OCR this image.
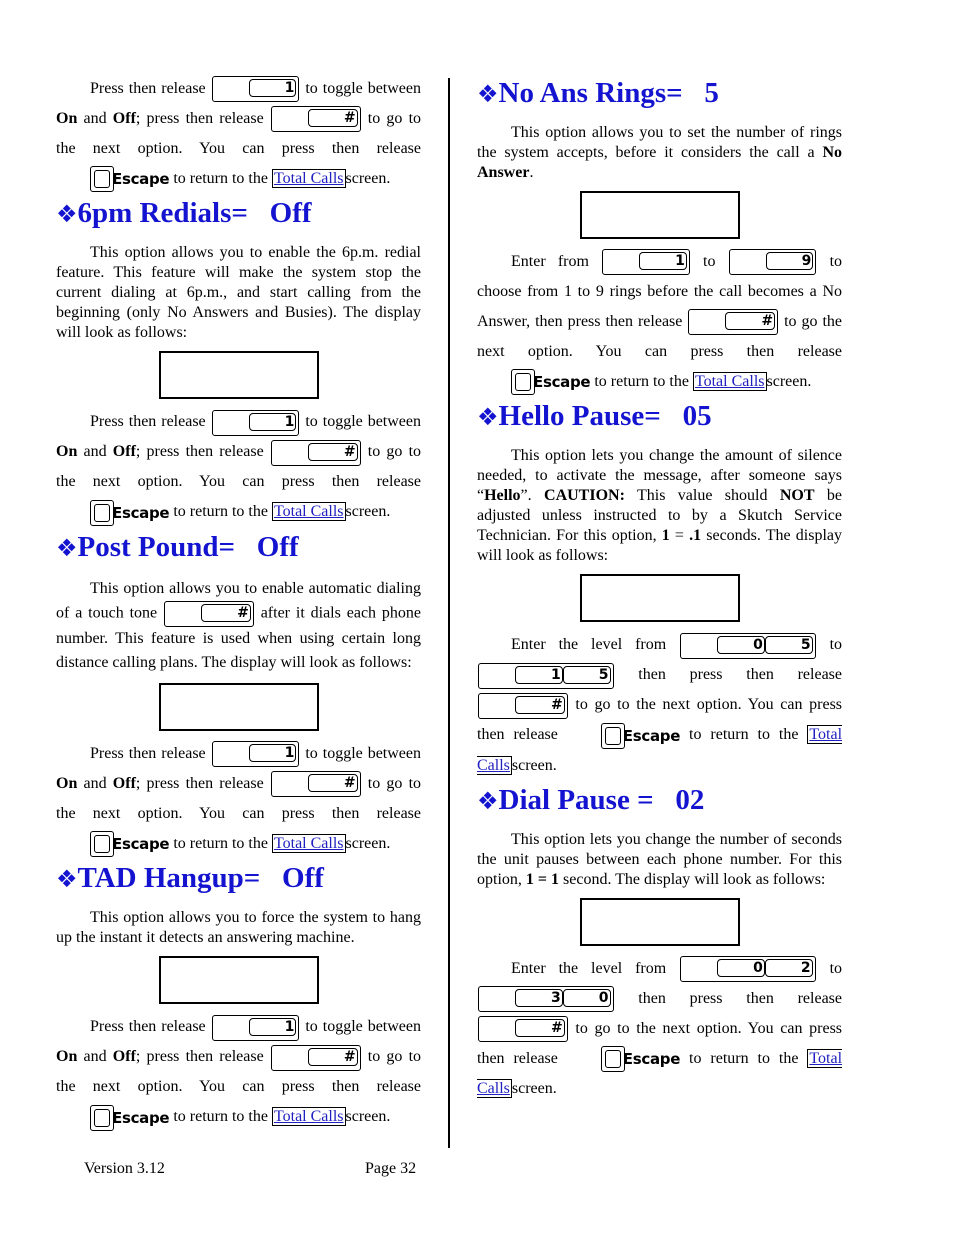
Press then release	1 to toggle between On and Off; press then release	# to go to the next option. You can press then release Escape to return to the Total Calls screen.

❖6pm Redials=   Off

This option allows you to enable the 6p.m. redial feature. This feature will make the system stop the current dialing at 6p.m., and start calling from the beginning (only No Answers and Busies). The display will look as follows:

Press then release	1 to toggle between On and Off; press then release	# to go to the next option. You can press then release Escape to return to the Total Calls screen.

❖Post Pound=   Off

This option allows you to enable automatic dialing of a touch tone	# after it dials each phone number. This feature is used when using certain long distance calling plans. The display will look as follows:

Press then release	1 to toggle between On and Off; press then release	# to go to the next option. You can press then release Escape to return to the Total Calls screen.

❖TAD Hangup=   Off

This option allows you to force the system to hang up the instant it detects an answering machine.

Press then release	1 to toggle between On and Off; press then release	# to go to the next option. You can press then release Escape to return to the Total Calls screen.

❖No Ans Rings=   5

This option allows you to set the number of rings the system accepts, before it considers the call a No Answer.

Enter from	1 to	9 to choose from 1 to 9 rings before the call becomes a No Answer, then press then release	# to go the next option. You can press then release Escape to return to the Total Calls screen.

❖Hello Pause=   05

This option lets you change the amount of silence needed, to activate the message, after someone says “Hello”. CAUTION: This value should NOT be adjusted unless instructed to by a Skutch Service Technician. For this option, 1 = .1 seconds. The display will look as follows:

Enter the level from	0	5 to 1	5 then press then release # to go to the next option. You can press then release	Escape to return to the Total Calls screen.

❖Dial Pause =   02

This option lets you change the number of seconds the unit pauses between each phone number. For this option, 1 = 1 second. The display will look as follows:

Enter the level from	0	2 to 3	0 then press then release # to go to the next option. You can press then release	Escape to return to the Total Calls screen.

Version 3.12	Page 32
